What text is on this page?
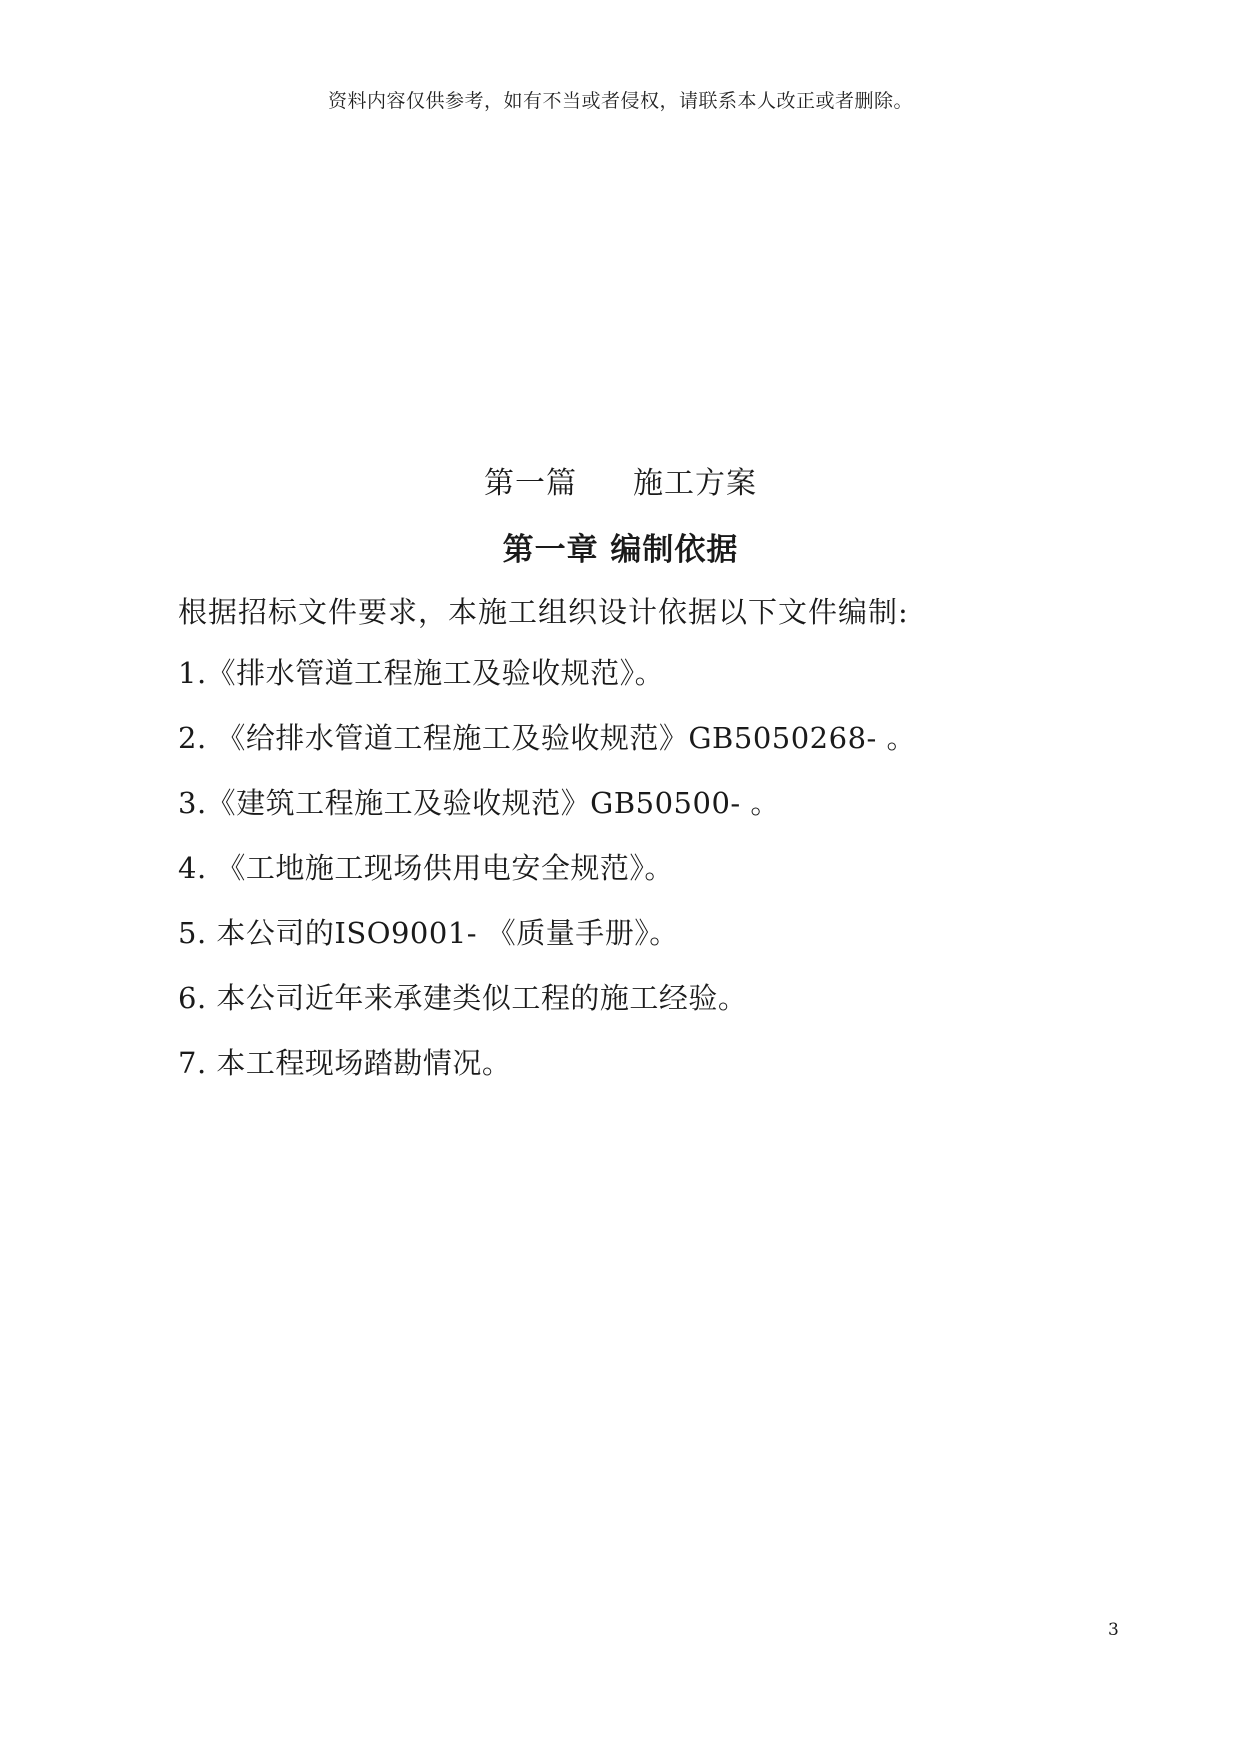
资料内容仅供参考，如有不当或者侵权，请联系本人改正或者删除。
第一篇 施工方案
第一章 编制依据
根据招标文件要求，本施工组织设计依据以下文件编制:
1.《排水管道工程施工及验收规范》。
2. 《给排水管道工程施工及验收规范》GB5050268- 。
3.《建筑工程施工及验收规范》GB50500- 。
4. 《工地施工现场供用电安全规范》。
5. 本公司的ISO9001- 《质量手册》。
6. 本公司近年来承建类似工程的施工经验。
7. 本工程现场踏勘情况。
3
